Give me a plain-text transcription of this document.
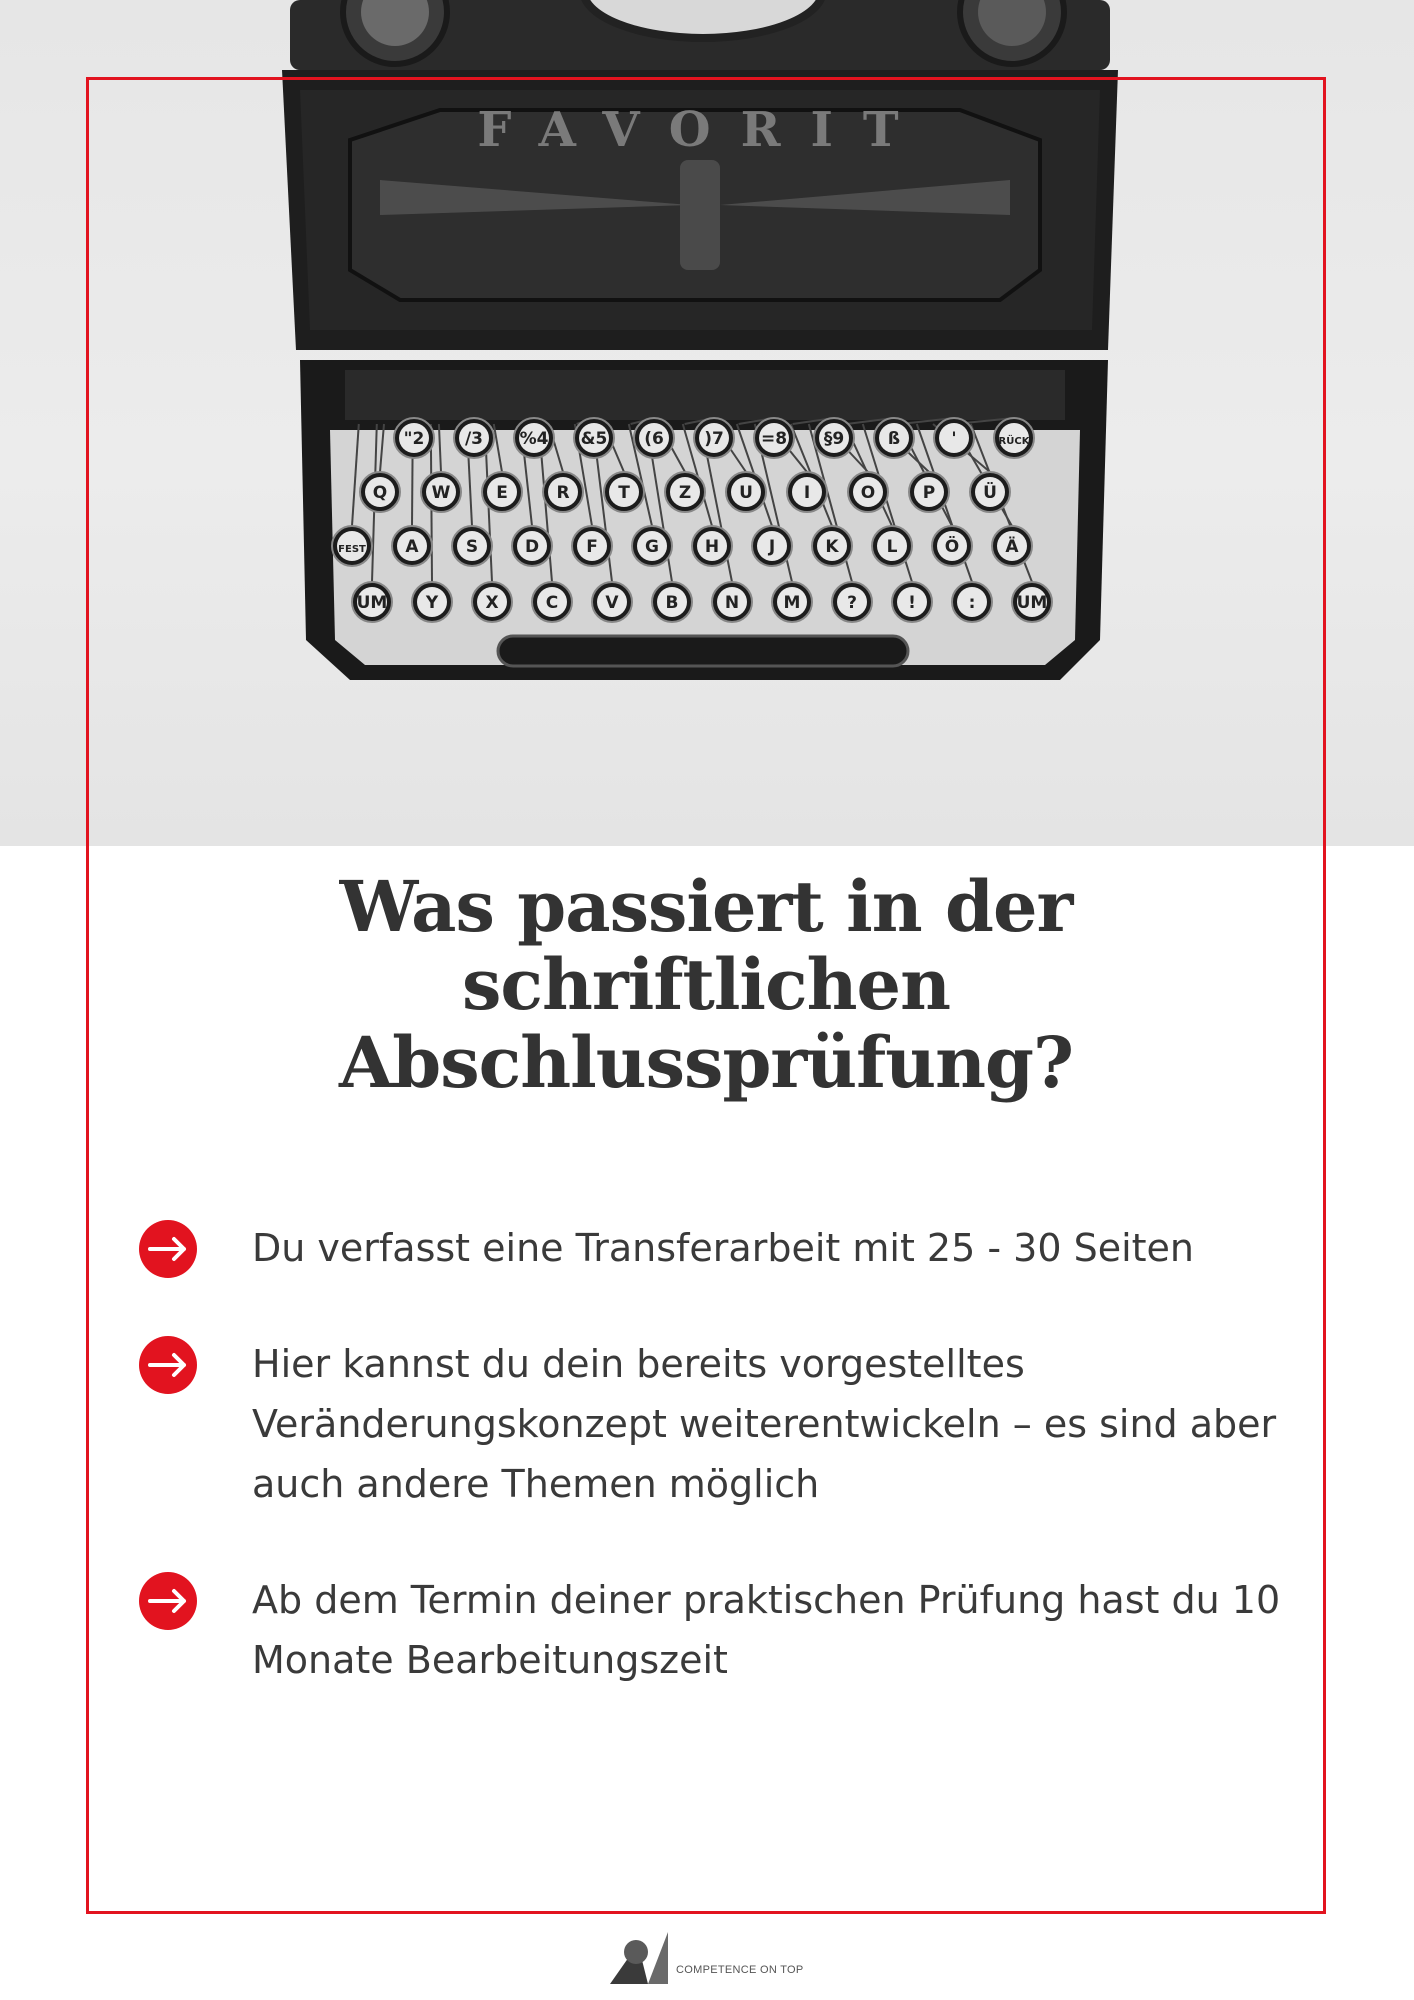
FAVORIT
"2 /3 %4 &5 (6 )7 =8 §9	ß	'	RÜCK
Q	W	E	R	T	Z	U	I	O	P	Ü
FEST A	S	D	F	G	H	J	K	L	Ö	Ä
UM Y	X	C	V	B	N	M	?	!	: UM
Was passiert in der schriftlichen
Abschlussprüfung?
Du verfasst eine Transferarbeit mit 25 - 30 Seiten
Hier kannst du dein bereits vorgestelltes Veränderungskonzept weiterentwickeln – es sind aber auch andere Themen möglich
Ab dem Termin deiner praktischen Prüfung hast du 10 Monate Bearbeitungszeit
COMPETENCE ON TOP
